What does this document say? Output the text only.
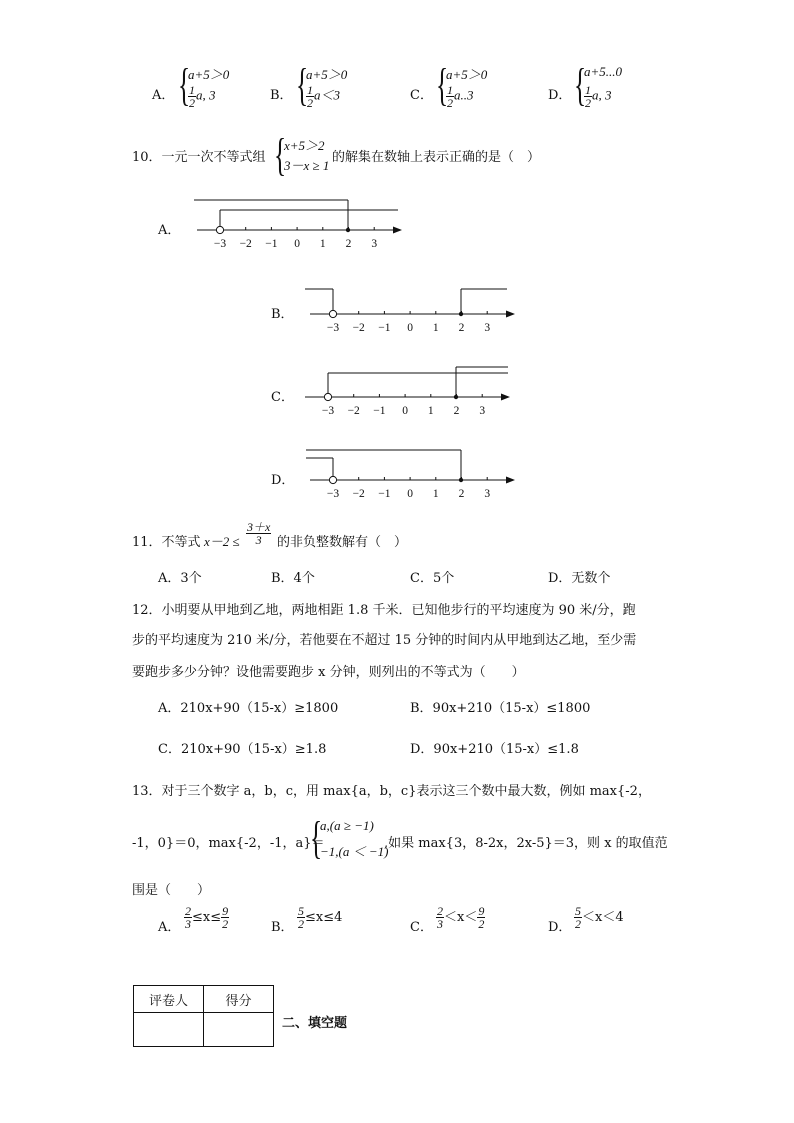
A． {
a+5＞0
$\frac{1}{2} a$, 3	B． {
a+5＞0
$\frac{1}{2} a<3$	C． {
a+5＞0
$\frac{1}{2} a..3$	D． {
a+5...0
$\frac{1}{2} a$, 3
10．一元一次不等式组 {
x+5＞2
3－x ≥ 1
的解集在数轴上表示正确的是（　）
A．
B．
C．
D．
−3 −2 −1 0 1 2 3
−3 −2 −1 0 1 2 3
−3 −2 −1 0 1 2 3
−3 −2 −1 0 1 2 3
11．不等式 $x-2 \le \frac{3+x}{3}$ 的非负整数解有（　）
A．3个	B．4个	C．5个	D．无数个
12．小明要从甲地到乙地，两地相距 1.8 千米．已知他步行的平均速度为 90 米/分，跑
步的平均速度为 210 米/分，若他要在不超过 15 分钟的时间内从甲地到达乙地，至少需
要跑步多少分钟？设他需要跑步 x 分钟，则列出的不等式为（　　）
A．210x+90（15-x）≥1800	B．90x+210（15-x）≤1800
C．210x+90（15-x）≥1.8	D．90x+210（15-x）≤1.8
13．对于三个数字 a，b，c，用 max{a，b，c}表示这三个数中最大数，例如 max{-2，
-1，0}＝0，max{-2，-1，a}＝
{
a,(a ≥ −1)
−1,(a ＜ −1)
,如果 max{3，8-2x，2x-5}＝3，则 x 的取值范
围是（　　）
A． $\frac{2}{3} \le x\le \frac{9}{2}$	B． $\frac{5}{2} \le x\le 4$
C． $\frac{2}{3} <x< \frac{9}{2}$	D． $\frac{5}{2} <x<4$
评卷人	得分

二、填空题
